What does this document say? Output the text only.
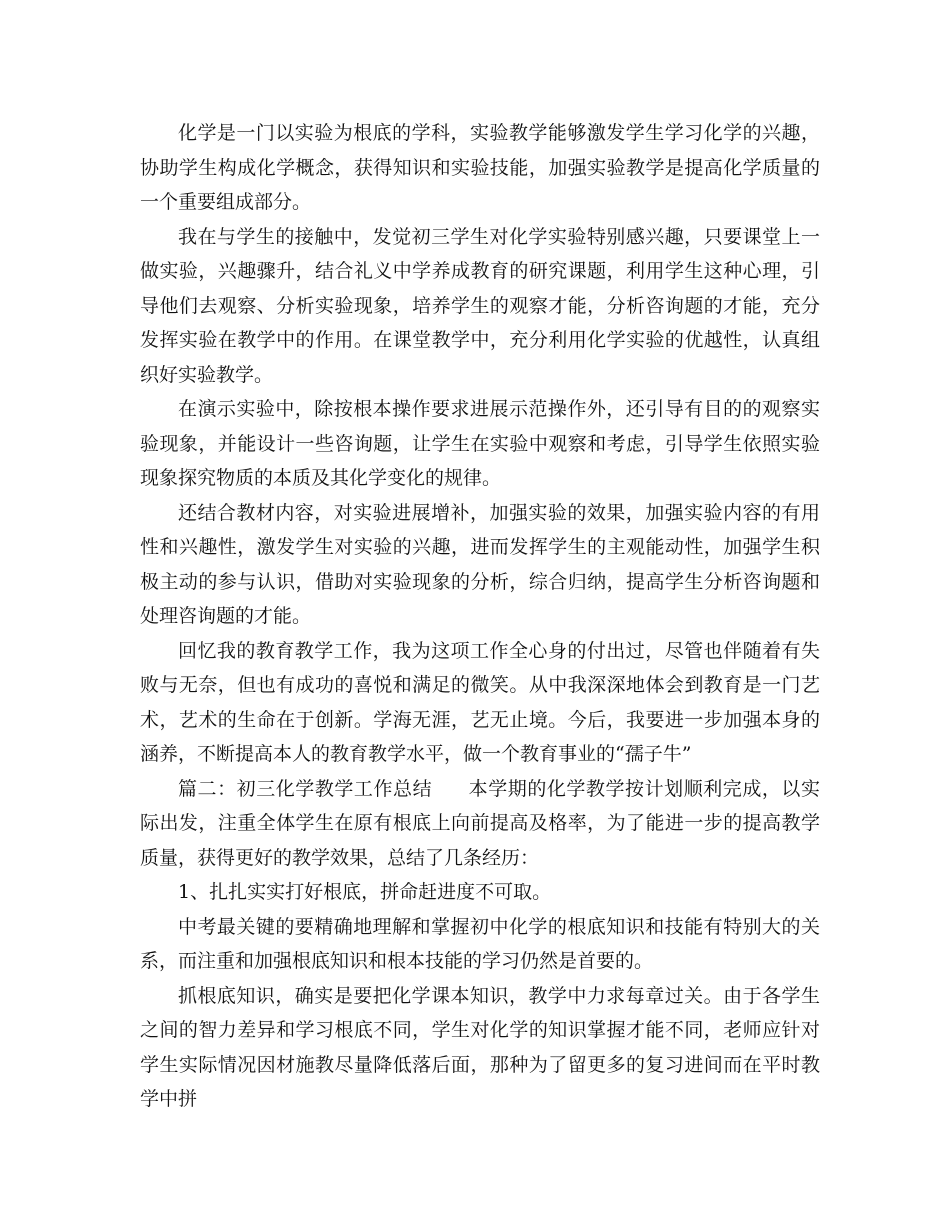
化学是一门以实验为根底的学科，实验教学能够激发学生学习化学的兴趣，协助学生构成化学概念，获得知识和实验技能，加强实验教学是提高化学质量的一个重要组成部分。

我在与学生的接触中，发觉初三学生对化学实验特别感兴趣，只要课堂上一做实验，兴趣骤升，结合礼义中学养成教育的研究课题，利用学生这种心理，引导他们去观察、分析实验现象，培养学生的观察才能，分析咨询题的才能，充分发挥实验在教学中的作用。在课堂教学中，充分利用化学实验的优越性，认真组织好实验教学。

在演示实验中，除按根本操作要求进展示范操作外，还引导有目的的观察实验现象，并能设计一些咨询题，让学生在实验中观察和考虑，引导学生依照实验现象探究物质的本质及其化学变化的规律。

还结合教材内容，对实验进展增补，加强实验的效果，加强实验内容的有用性和兴趣性，激发学生对实验的兴趣，进而发挥学生的主观能动性，加强学生积极主动的参与认识，借助对实验现象的分析，综合归纳，提高学生分析咨询题和处理咨询题的才能。

回忆我的教育教学工作，我为这项工作全心身的付出过，尽管也伴随着有失败与无奈，但也有成功的喜悦和满足的微笑。从中我深深地体会到教育是一门艺术，艺术的生命在于创新。学海无涯，艺无止境。今后，我要进一步加强本身的涵养，不断提高本人的教育教学水平，做一个教育事业的“孺子牛”

篇二：初三化学教学工作总结 本学期的化学教学按计划顺利完成，以实际出发，注重全体学生在原有根底上向前提高及格率，为了能进一步的提高教学质量，获得更好的教学效果，总结了几条经历：

1、扎扎实实打好根底，拼命赶进度不可取。

中考最关键的要精确地理解和掌握初中化学的根底知识和技能有特别大的关系，而注重和加强根底知识和根本技能的学习仍然是首要的。

抓根底知识，确实是要把化学课本知识，教学中力求每章过关。由于各学生之间的智力差异和学习根底不同，学生对化学的知识掌握才能不同，老师应针对学生实际情况因材施教尽量降低落后面，那种为了留更多的复习进间而在平时教学中拼
